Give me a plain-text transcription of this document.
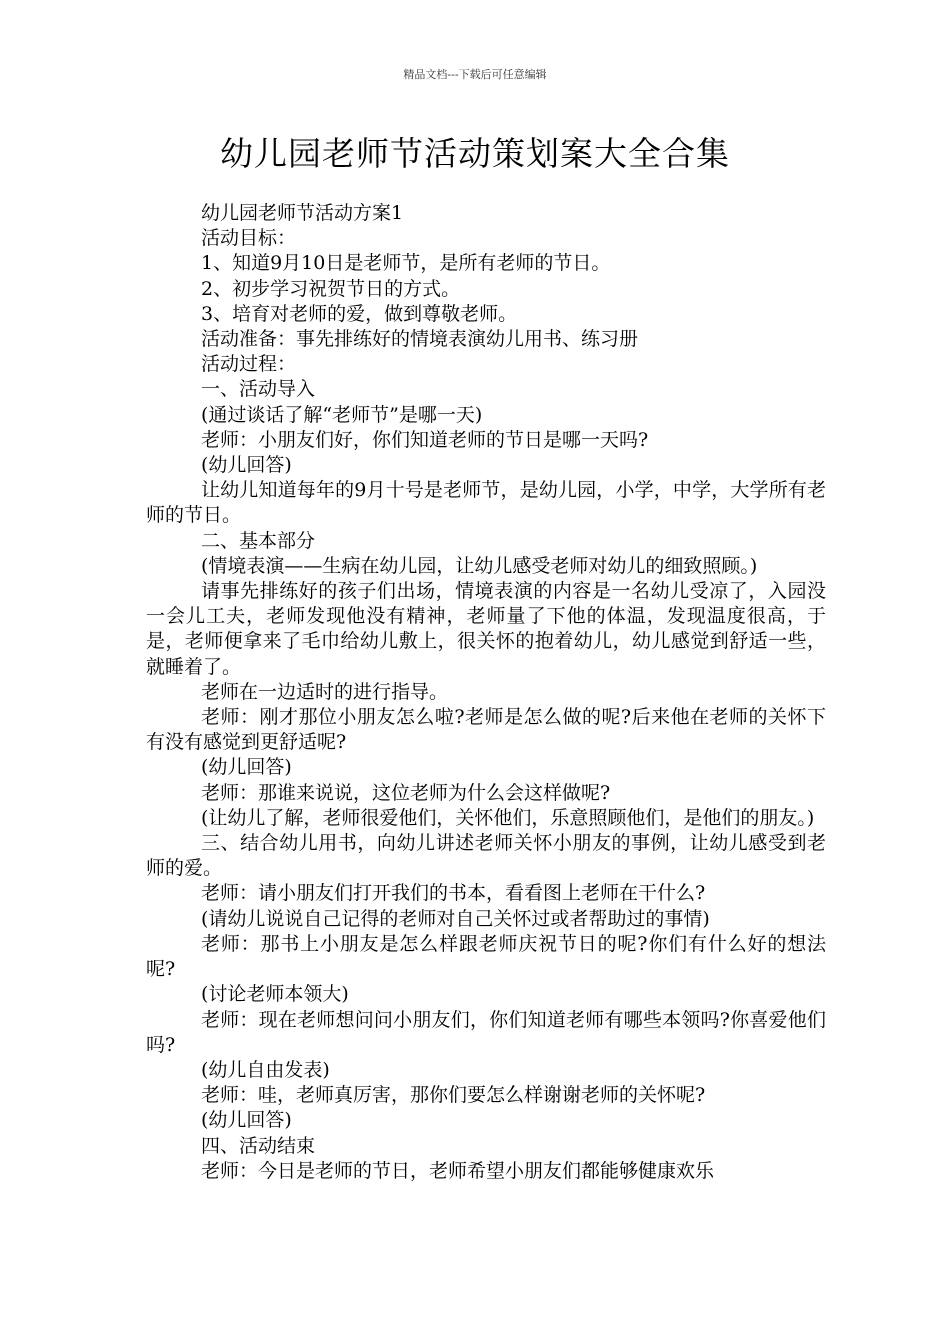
精品文档---下载后可任意编辑
幼儿园老师节活动策划案大全合集

幼儿园老师节活动方案1

活动目标：

1、知道9月10日是老师节，是所有老师的节日。

2、初步学习祝贺节日的方式。

3、培育对老师的爱，做到尊敬老师。

活动准备：事先排练好的情境表演幼儿用书、练习册

活动过程：

一、活动导入

(通过谈话了解“老师节”是哪一天)

老师：小朋友们好，你们知道老师的节日是哪一天吗?

(幼儿回答)

让幼儿知道每年的9月十号是老师节，是幼儿园，小学，中学，大学所有老师的节日。

二、基本部分

(情境表演——生病在幼儿园，让幼儿感受老师对幼儿的细致照顾。)

请事先排练好的孩子们出场，情境表演的内容是一名幼儿受凉了，入园没一会儿工夫，老师发现他没有精神，老师量了下他的体温，发现温度很高，于是，老师便拿来了毛巾给幼儿敷上，很关怀的抱着幼儿，幼儿感觉到舒适一些，就睡着了。

老师在一边适时的进行指导。

老师：刚才那位小朋友怎么啦?老师是怎么做的呢?后来他在老师的关怀下有没有感觉到更舒适呢?

(幼儿回答)

老师：那谁来说说，这位老师为什么会这样做呢?

(让幼儿了解，老师很爱他们，关怀他们，乐意照顾他们，是他们的朋友。)

三、结合幼儿用书，向幼儿讲述老师关怀小朋友的事例，让幼儿感受到老师的爱。

老师：请小朋友们打开我们的书本，看看图上老师在干什么?

(请幼儿说说自己记得的老师对自己关怀过或者帮助过的事情)

老师：那书上小朋友是怎么样跟老师庆祝节日的呢?你们有什么好的想法呢?

(讨论老师本领大)

老师：现在老师想问问小朋友们，你们知道老师有哪些本领吗?你喜爱他们吗?

(幼儿自由发表)

老师：哇，老师真厉害，那你们要怎么样谢谢老师的关怀呢?

(幼儿回答)

四、活动结束

老师：今日是老师的节日，老师希望小朋友们都能够健康欢乐
